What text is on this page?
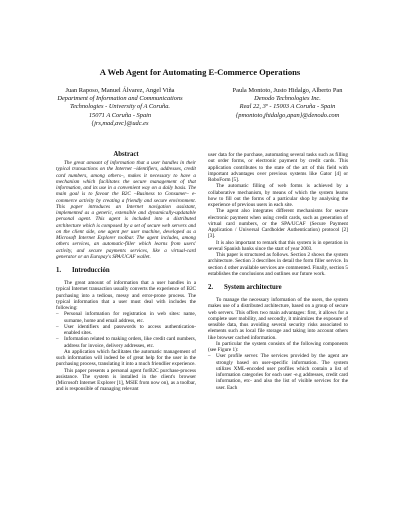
A Web Agent for Automating E-Commerce Operations
Juan Raposo, Manuel Álvarez, Angel Viña
Department of Information and Communications Technologies - University of A Coruña.
15071 A Coruña - Spain
{jrs,mad,avc}@udc.es
Paula Montoto, Justo Hidalgo, Alberto Pan
Denodo Technologies Inc.
Real 22, 3º - 15003 A Coruña - Spain
{pmontoto,jhidalgo,apan}@denodo.com
Abstract

The great amount of information that a user handles in their typical transactions on the Internet –identifiers, addresses, credit card numbers, among others–, makes it necessary to have a mechanism which facilitates the secure management of that information, and its use in a convenient way on a daily basis. The main goal is to favour the B2C –Business to Consumer– e-commerce activity by creating a friendly and secure environment. This paper introduces an Internet navigation assistant, implemented as a generic, extensible and dynamically-updatable personal agent. This agent is included into a distributed architecture which is composed by a set of secure web servers and on the client side, one agent per user machine, developed as a Microsoft Internet Explorer toolbar. The agent includes, among others services, an automatic-filler which learns from users' activity, and secure payments services, like a virtual-card generator or an Europay's SPA/UCAF wallet.

1. Introducción

The great amount of information that a user handles in a typical Internet transaction usually converts the experience of B2C purchasing into a tedious, messy and error-prone process. The typical information that a user must deal with includes the following:

– Personal information for registration in web sites: name, surname, home and email address, etc.
– User identifiers and passwords to access authentication-enabled sites.
– Information related to making orders, like credit card numbers, address for invoice, delivery addresses, etc.

An application which facilitates the automatic management of such information will indeed be of great help for the user in the purchasing process, translating it into a much friendlier experience.

This paper presents a personal agent forB2C purchase-process assistance. The system is installed in the client's browser (Microsoft Internet Explorer [1], MSIE from now on), as a toolbar, and is responsible of managing relevant

user data for the purchase, automating several tasks such as filling out order forms, or electronic payment by credit cards. This application contributes to the state of the art of this field with important advantages over previous systems like Gator [4] or RoboForm [5].

The automatic filling of web forms is achieved by a collaborative mechanism, by means of which the system learns how to fill out the forms of a particular shop by analysing the experience of previous users in each site.

The agent also integrates different mechanisms for secure electronic payment when using credit cards, such as generation of virtual card numbers, or the SPA/UCAF (Secure Payment Application / Universal Cardholder Authentication) protocol [2][3].

It is also important to remark that this system is in operation in several Spanish banks since the start of year 2003.

This paper is structured as follows. Section 2 shows the system architecture. Section 3 describes in detail the form filler service. In section 4 other available services are commented. Finally, section 5 establishes the conclusions and outlines our future work.

2. System architecture

To manage the necessary information of the users, the system makes use of a distributed architecture, based on a group of secure web servers. This offers two main advantages: first, it allows for a complete user mobility, and secondly, it minimizes the exposure of sensible data, thus avoiding several security risks associated to elements such as local file storage and taking into account others like browser cached information.

In particular the system consists of the following components (see Figure 1):

– User profile server. The services provided by the agent are strongly based on user-specific information. The system utilizes XML-encoded user profiles which contain a list of information categories for each user -e.g addresses, credit card information, etc- and also the list of visible services for the user. Each
